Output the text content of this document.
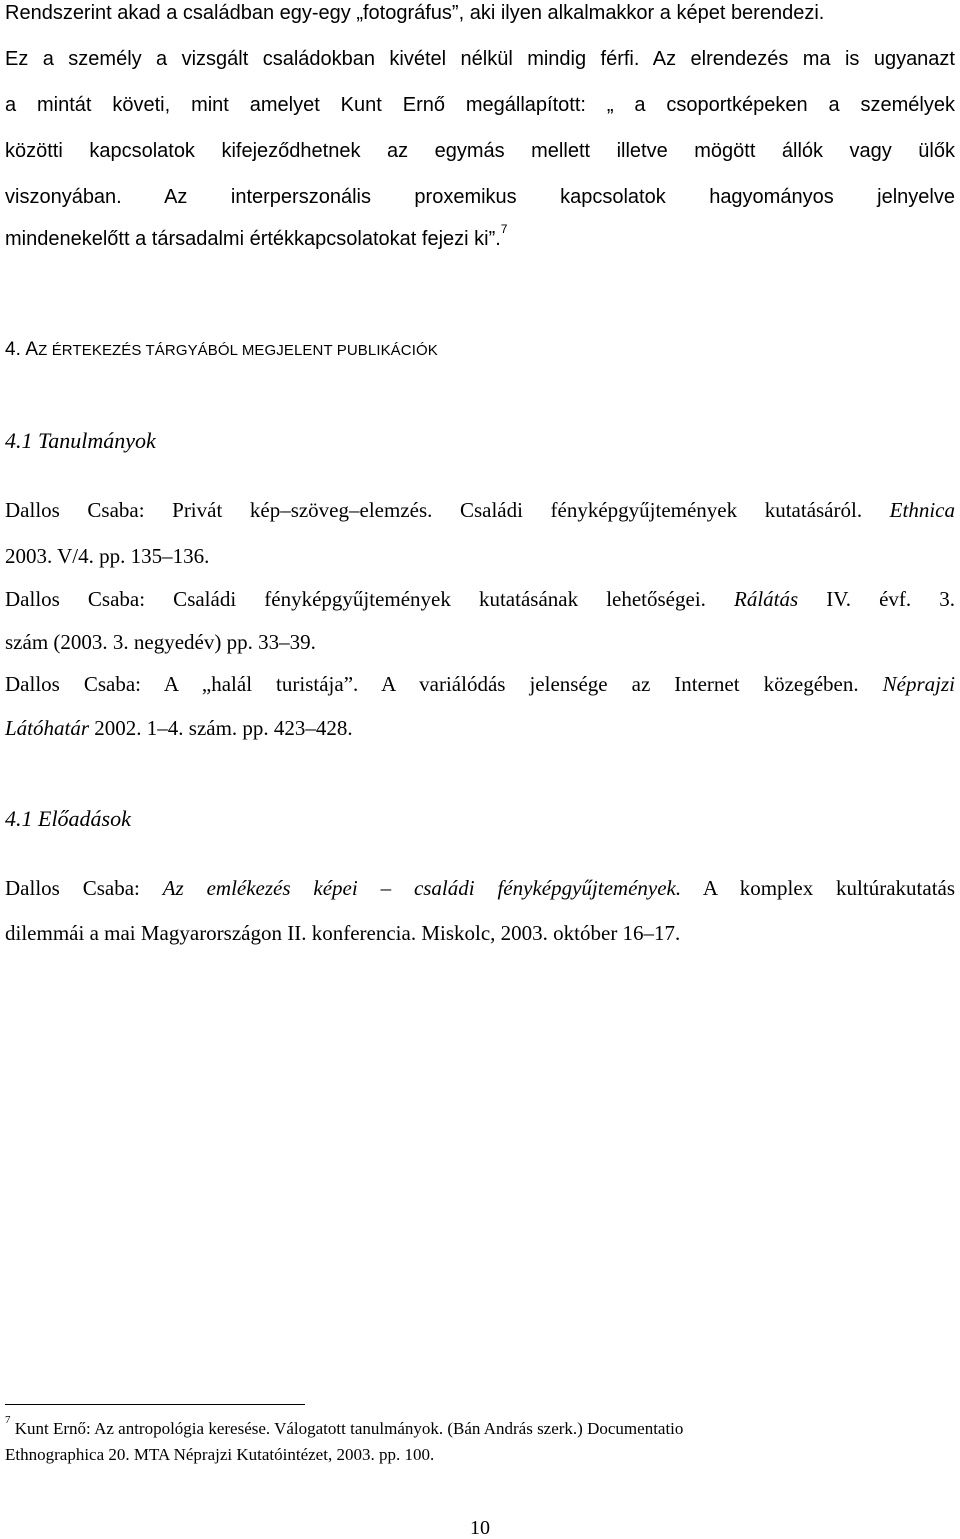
Rendszerint akad a családban egy-egy „fotográfus”, aki ilyen alkalmakkor a képet berendezi.
Ez a személy a vizsgált családokban kivétel nélkül mindig férfi. Az elrendezés ma is ugyanazt
a mintát követi, mint amelyet Kunt Ernő megállapított: „ a csoportképeken a személyek
közötti kapcsolatok kifejeződhetnek az egymás mellett illetve mögött állók vagy ülők
viszonyában. Az interperszonális proxemikus kapcsolatok hagyományos jelnyelve
mindenekelőtt a társadalmi értékkapcsolatokat fejezi ki”.$^7$
4. AZ ÉRTEKEZÉS TÁRGYÁBÓL MEGJELENT PUBLIKÁCIÓK
4.1 Tanulmányok
Dallos Csaba: Privát kép–szöveg–elemzés. Családi fényképgyűjtemények kutatásáról. Ethnica
2003. V/4. pp. 135–136.
Dallos Csaba: Családi fényképgyűjtemények kutatásának lehetőségei. Rálátás IV. évf. 3.
szám (2003. 3. negyedév) pp. 33–39.
Dallos Csaba: A „halál turistája”. A variálódás jelensége az Internet közegében. Néprajzi
Látóhatár 2002. 1–4. szám. pp. 423–428.
4.1 Előadások
Dallos Csaba: Az emlékezés képei – családi fényképgyűjtemények. A komplex kultúrakutatás
dilemmái a mai Magyarországon II. konferencia. Miskolc, 2003. október 16–17.
$^7$ Kunt Ernő: Az antropológia keresése. Válogatott tanulmányok. (Bán András szerk.) Documentatio
Ethnographica 20. MTA Néprajzi Kutatóintézet, 2003. pp. 100.
10
